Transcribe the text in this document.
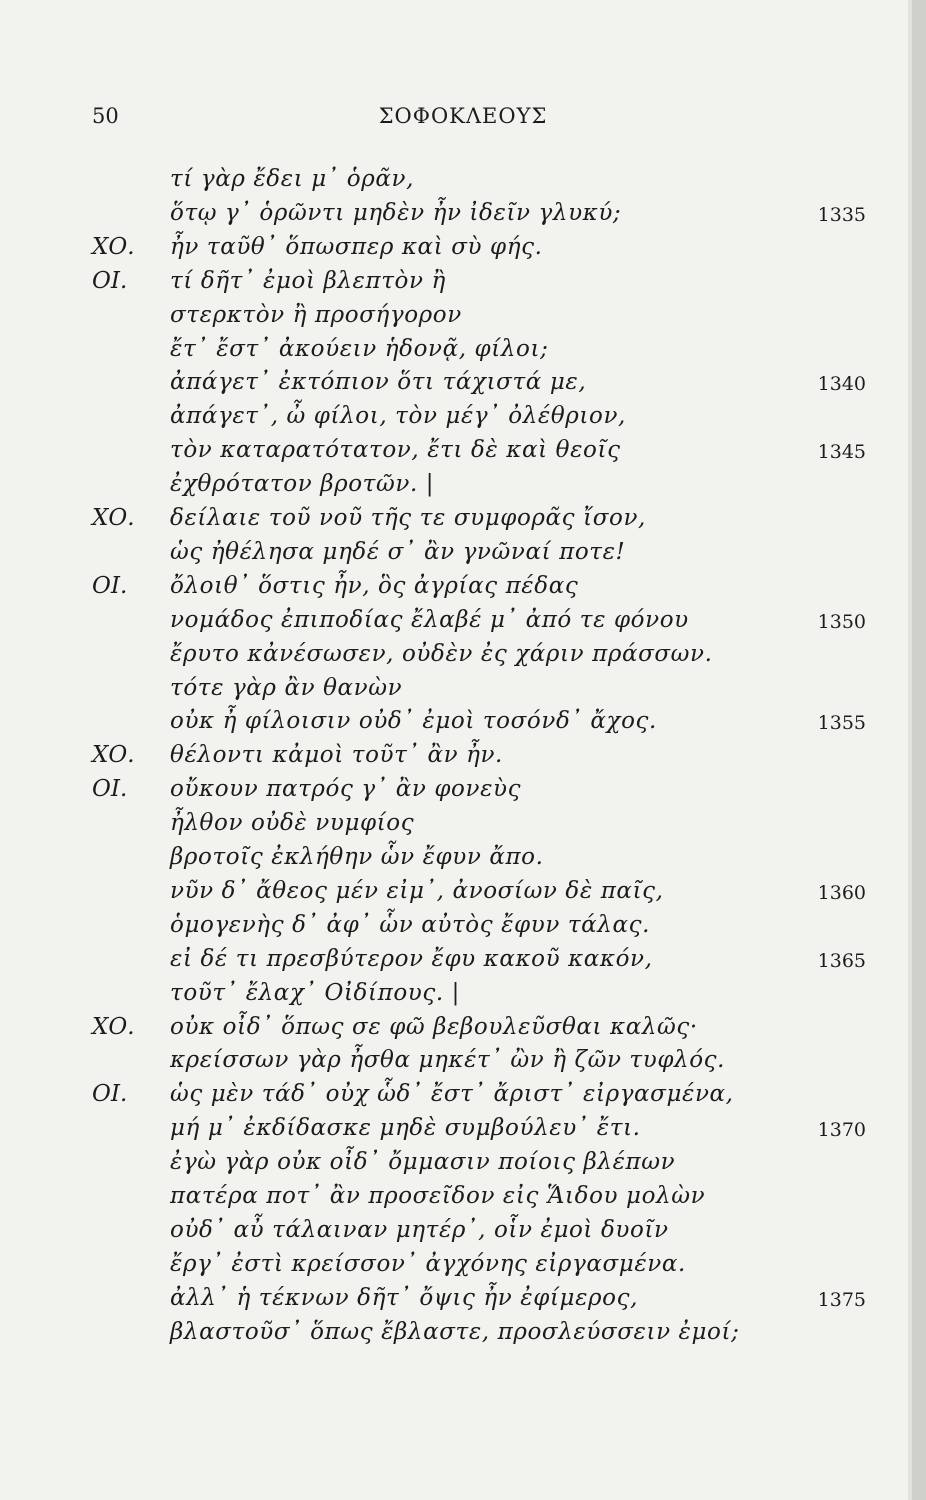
50	ΣΟΦΟΚΛΕΟΥΣ
τί γὰρ ἔδει μ᾽ ὁρᾶν,
ὅτῳ γ᾽ ὁρῶντι μηδὲν ἦν ἰδεῖν γλυκύ;	1335
ΧΟ. ἦν ταῦθ᾽ ὅπωσπερ καὶ σὺ φής.
ΟΙ. τί δῆτ᾽ ἐμοὶ βλεπτὸν ἢ
στερκτὸν ἢ προσήγορον
ἔτ᾽ ἔστ᾽ ἀκούειν ἡδονᾷ, φίλοι;
ἀπάγετ᾽ ἐκτόπιον ὅτι τάχιστά με,	1340
ἀπάγετ᾽, ὦ φίλοι, τὸν μέγ᾽ ὀλέθριον,
τὸν καταρατότατον, ἔτι δὲ καὶ θεοῖς	1345
ἐχθρότατον βροτῶν. |
ΧΟ. δείλαιε τοῦ νοῦ τῆς τε συμφορᾶς ἴσον,
ὡς ἠθέλησα μηδέ σ᾽ ἂν γνῶναί ποτε!
ΟΙ. ὄλοιθ᾽ ὅστις ἦν, ὃς ἀγρίας πέδας
νομάδος ἐπιποδίας ἔλαβέ μ᾽ ἀπό τε φόνου	1350
ἔρυτο κἀνέσωσεν, οὐδὲν ἐς χάριν πράσσων.
τότε γὰρ ἂν θανὼν
οὐκ ἦ φίλοισιν οὐδ᾽ ἐμοὶ τοσόνδ᾽ ἄχος.	1355
ΧΟ. θέλοντι κἀμοὶ τοῦτ᾽ ἂν ἦν.
ΟΙ. οὔκουν πατρός γ᾽ ἂν φονεὺς
ἦλθον οὐδὲ νυμφίος
βροτοῖς ἐκλήθην ὧν ἔφυν ἄπο.
νῦν δ᾽ ἄθεος μέν εἰμ᾽, ἀνοσίων δὲ παῖς,	1360
ὁμογενὴς δ᾽ ἀφ᾽ ὧν αὐτὸς ἔφυν τάλας.
εἰ δέ τι πρεσβύτερον ἔφυ κακοῦ κακόν,	1365
τοῦτ᾽ ἔλαχ᾽ Οἰδίπους. |
ΧΟ. οὐκ οἶδ᾽ ὅπως σε φῶ βεβουλεῦσθαι καλῶς·
κρείσσων γὰρ ἦσθα μηκέτ᾽ ὢν ἢ ζῶν τυφλός.
ΟΙ. ὡς μὲν τάδ᾽ οὐχ ὧδ᾽ ἔστ᾽ ἄριστ᾽ εἰργασμένα,
μή μ᾽ ἐκδίδασκε μηδὲ συμβούλευ᾽ ἔτι.	1370
ἐγὼ γὰρ οὐκ οἶδ᾽ ὄμμασιν ποίοις βλέπων
πατέρα ποτ᾽ ἂν προσεῖδον εἰς Ἅιδου μολὼν
οὐδ᾽ αὖ τάλαιναν μητέρ᾽, οἷν ἐμοὶ δυοῖν
ἔργ᾽ ἐστὶ κρείσσον᾽ ἀγχόνης εἰργασμένα.
ἀλλ᾽ ἡ τέκνων δῆτ᾽ ὄψις ἦν ἐφίμερος,	1375
βλαστοῦσ᾽ ὅπως ἔβλαστε, προσλεύσσειν ἐμοί;
